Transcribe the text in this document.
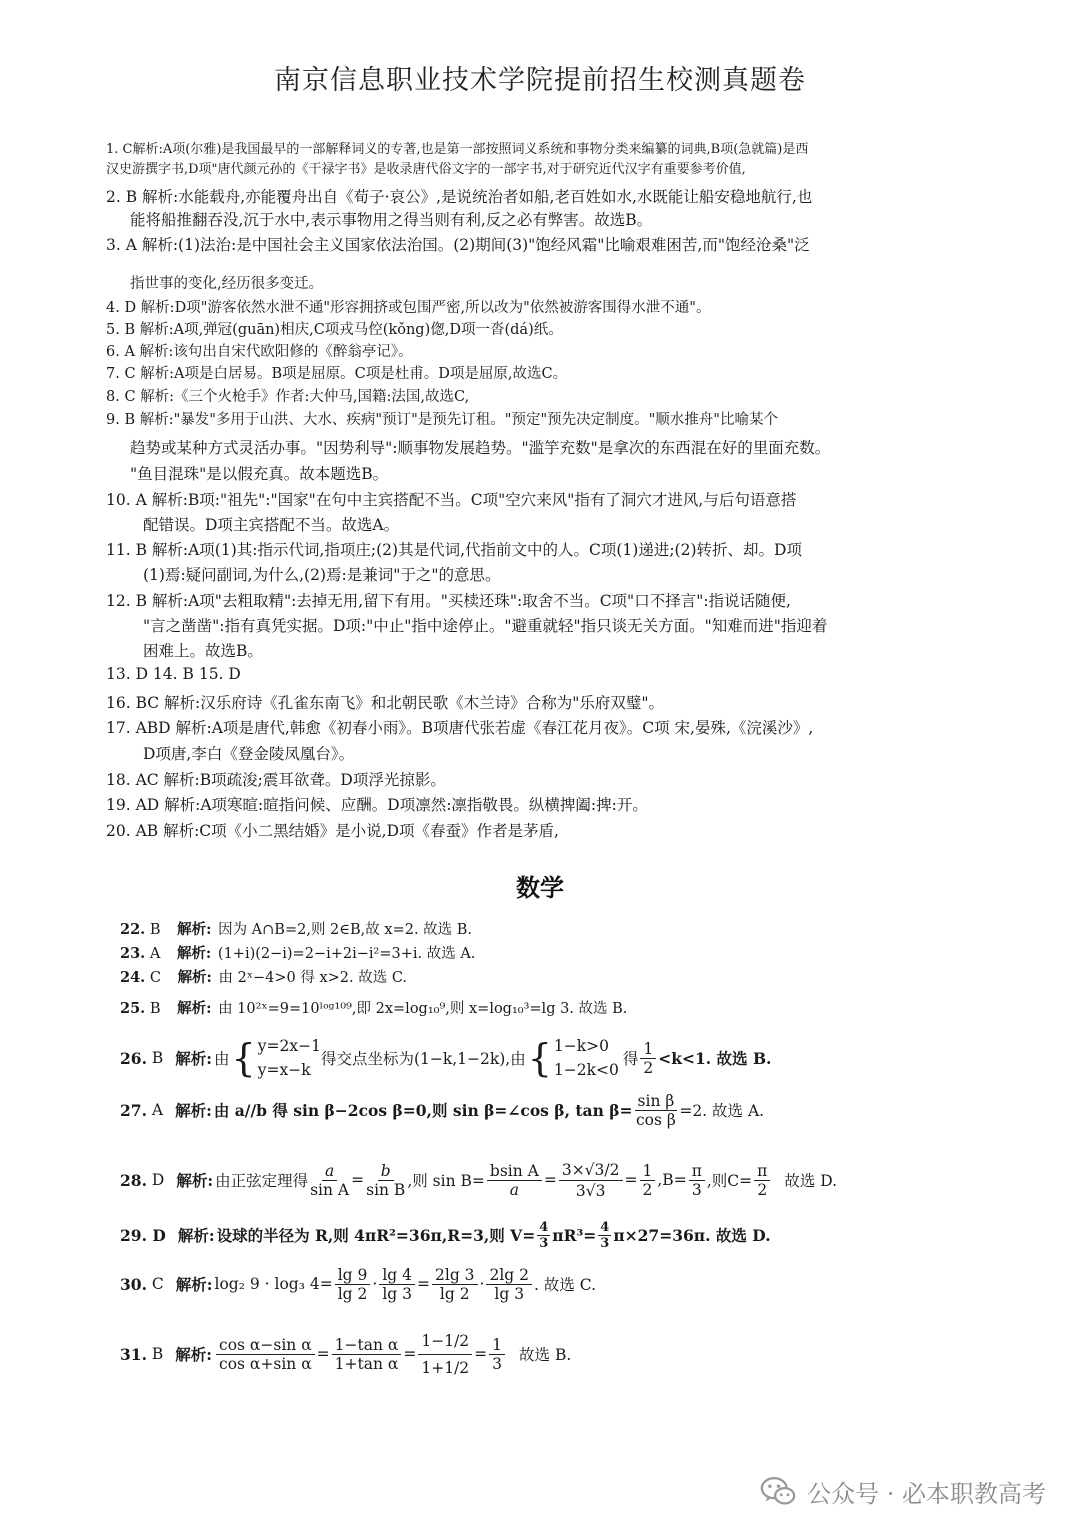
南京信息职业技术学院提前招生校测真题卷
1. C解析:A项(尔雅)是我国最早的一部解释词义的专著,也是第一部按照词义系统和事物分类来编纂的词典,B项(急就篇)是西
汉史游撰字书,D项"唐代颜元孙的《干禄字书》是收录唐代俗文字的一部字书,对于研究近代汉字有重要参考价值,
2. B 解析:水能载舟,亦能覆舟出自《荀子·哀公》,是说统治者如船,老百姓如水,水既能让船安稳地航行,也
能将船推翻吞没,沉于水中,表示事物用之得当则有利,反之必有弊害。故选B。
3. A 解析:(1)法治:是中国社会主义国家依法治国。(2)期间(3)"饱经风霜"比喻艰难困苦,而"饱经沧桑"泛
指世事的变化,经历很多变迁。
4. D 解析:D项"游客依然水泄不通"形容拥挤或包围严密,所以改为"依然被游客围得水泄不通"。
5. B 解析:A项,弹冠(guān)相庆,C项戎马倥(kǒng)偬,D项一沓(dá)纸。
6. A 解析:该句出自宋代欧阳修的《醉翁亭记》。
7. C 解析:A项是白居易。B项是屈原。C项是杜甫。D项是屈原,故选C。
8. C 解析:《三个火枪手》作者:大仲马,国籍:法国,故选C,
9. B 解析:"暴发"多用于山洪、大水、疾病"预订"是预先订租。"预定"预先决定制度。"顺水推舟"比喻某个
趋势或某种方式灵活办事。"因势利导":顺事物发展趋势。"滥竽充数"是拿次的东西混在好的里面充数。
"鱼目混珠"是以假充真。故本题选B。
10. A 解析:B项:"祖先":"国家"在句中主宾搭配不当。C项"空穴来风"指有了洞穴才进风,与后句语意搭
配错误。D项主宾搭配不当。故选A。
11. B 解析:A项(1)其:指示代词,指项庄;(2)其是代词,代指前文中的人。C项(1)递进;(2)转折、却。D项
(1)焉:疑问副词,为什么,(2)焉:是兼词"于之"的意思。
12. B 解析:A项"去粗取精":去掉无用,留下有用。"买椟还珠":取舍不当。C项"口不择言":指说话随便,
"言之凿凿":指有真凭实据。D项:"中止"指中途停止。"避重就轻"指只谈无关方面。"知难而进"指迎着
困难上。故选B。
13. D 14. B 15. D
16. BC 解析:汉乐府诗《孔雀东南飞》和北朝民歌《木兰诗》合称为"乐府双璧"。
17. ABD 解析:A项是唐代,韩愈《初春小雨》。B项唐代张若虚《春江花月夜》。C项 宋,晏殊,《浣溪沙》,
D项唐,李白《登金陵凤凰台》。
18. AC 解析:B项疏浚;震耳欲聋。D项浮光掠影。
19. AD 解析:A项寒暄:暄指问候、应酬。D项凛然:凛指敬畏。纵横捭阖:捭:开。
20. AB 解析:C项《小二黑结婚》是小说,D项《春蚕》作者是茅盾,
数学
22. B 解析: 因为 A∩B=2,则 2∈B,故 x=2. 故选 B.
23. A 解析: (1+i)(2−i)=2−i+2i−i²=3+i. 故选 A.
24. C 解析: 由 2ˣ−4>0 得 x>2. 故选 C.
25. B 解析: 由 10²ˣ=9=10ˡᵒᵍ¹⁰⁹,即 2x=log₁₀⁹,则 x=log₁₀³=lg 3. 故选 B.
26.
B 解析: 由 { y=2x−1
y=x−k
得交点坐标为(1−k,1−2k),由 { 1−k>0
1−2k<0
得 $\frac{1}{2} <k<1$. 故选 B.
27.
A 解析: 由 a//b 得 sin β−2cos β=0,则 sin β=∠cos β, $\tan \beta= \frac{\text{sin β}}{\text{cos β}} =2$. 故选 A.
28.
D 解析: 由正弦定理得 $\frac{a}{\text{sin A}} = \frac{b}{\text{sin B}}$ ,则 $\sin B= \frac{\text{bsin A}}{a} = \frac{3\times√3/2}{3√3} = \frac{1}{2} ,B= \frac{\pi}{3}$ ,则$C= \frac{\pi}{2}$ 故选 D.
29.
D 解析: 设球的半径为 R,则 4πR²=36π,R=3,则 $V= \frac{4}{3} \pi R^3= \frac{4}{3} \pi\times 27=36\pi$. 故选 D.
30.
C 解析: log₂ 9 · log₃ $4= \frac{\lg 9}{\lg 2} \cdot \frac{\lg 4}{\lg 3} = \frac{2\lg 3}{\lg 2} \cdot \frac{2\lg 2}{\lg 3}$ . 故选 C.
31.
B 解析: $\frac{\text{cos α−sin α}}{\text{cos α+sin α}} = \frac{\text{1−tan α}}{\text{1+tan α}} = \frac{1-1/2}{1+1/2} = \frac{1}{3}$ 故选 B.
公众号 · 必本职教高考
